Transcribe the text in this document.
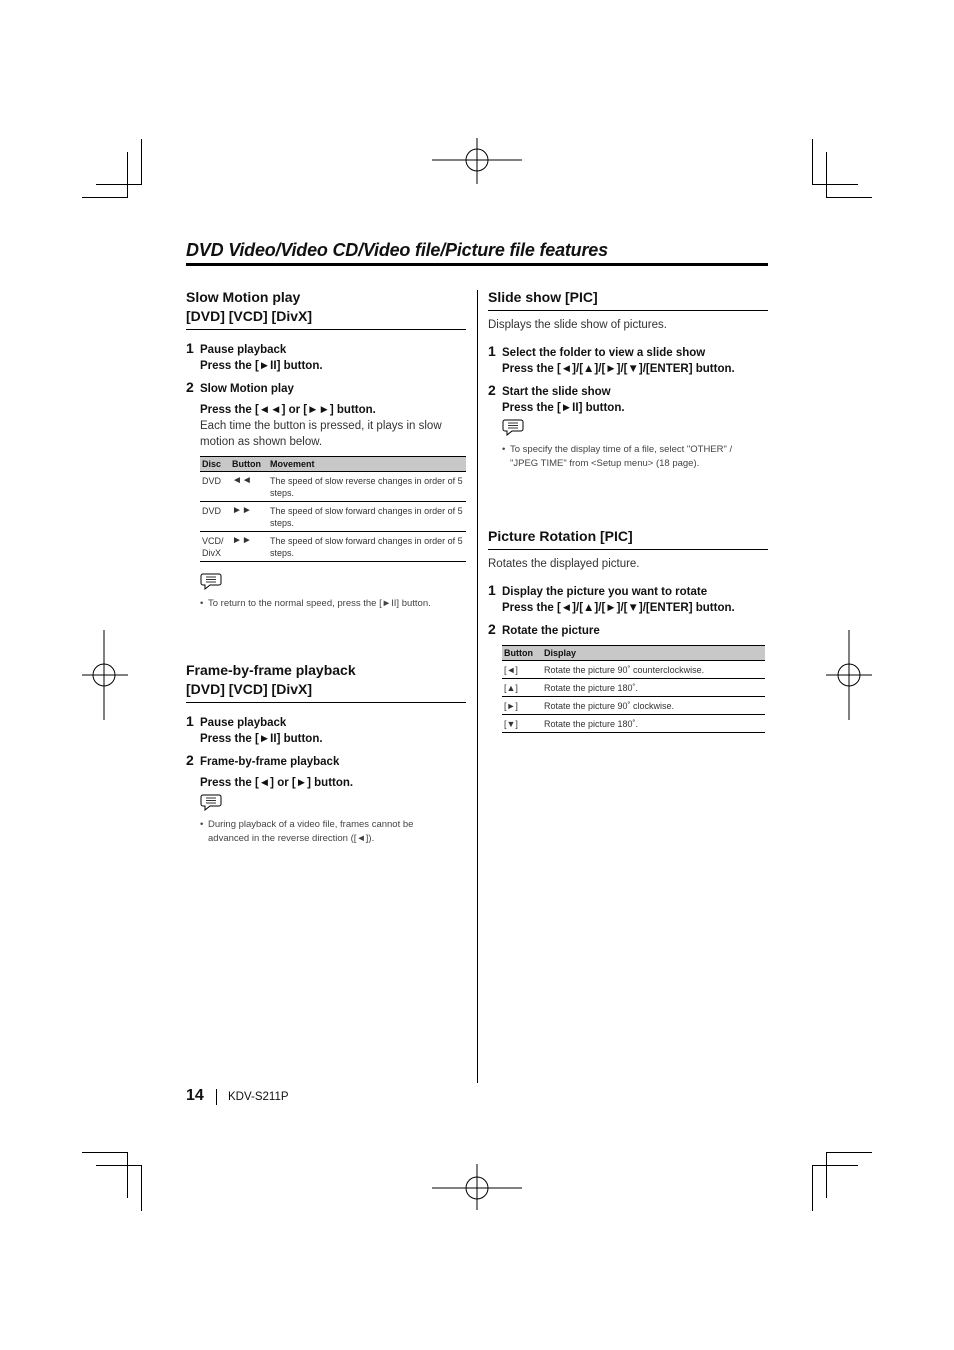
DVD Video/Video CD/Video file/Picture file features
Slow Motion play
[DVD] [VCD] [DivX]
1 Pause playback
Press the [►II] button.
2 Slow Motion play
Press the [◄◄] or [►►] button.
Each time the button is pressed, it plays in slow motion as shown below.
Disc	Button	Movement
DVD	◄◄	The speed of slow reverse changes in order of 5 steps.
DVD	►►	The speed of slow forward changes in order of 5 steps.
VCD/ DivX	►►	The speed of slow forward changes in order of 5 steps.
• To return to the normal speed, press the [►II] button.
Frame-by-frame playback
[DVD] [VCD] [DivX]
1 Pause playback
Press the [►II] button.
2 Frame-by-frame playback
Press the [◄] or [►] button.
• During playback of a video file, frames cannot be advanced in the reverse direction ([◄]).
Slide show [PIC]
Displays the slide show of pictures.
1 Select the folder to view a slide show
Press the [◄]/[▲]/[►]/[▼]/[ENTER] button.
2 Start the slide show
Press the [►II] button.
• To specify the display time of a file, select "OTHER" / "JPEG TIME" from <Setup menu> (18 page).
Picture Rotation [PIC]
Rotates the displayed picture.
1 Display the picture you want to rotate
Press the [◄]/[▲]/[►]/[▼]/[ENTER] button.
2 Rotate the picture
Button	Display
[◄]	Rotate the picture 90˚ counterclockwise.
[▲]	Rotate the picture 180˚.
[►]	Rotate the picture 90˚ clockwise.
[▼]	Rotate the picture 180˚.
14 KDV-S211P
